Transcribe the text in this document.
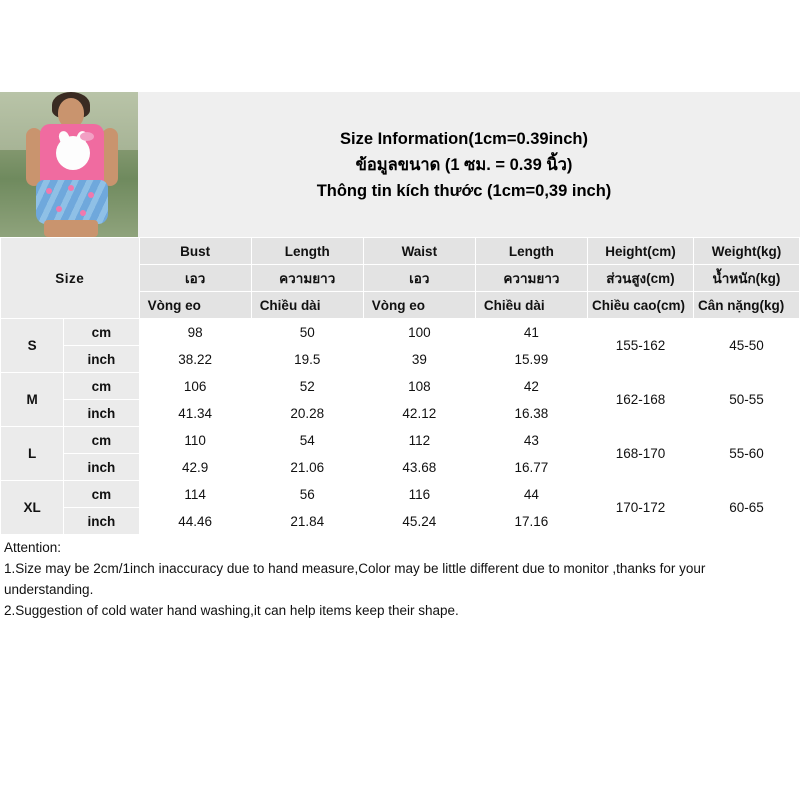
Size Information(1cm=0.39inch)
ข้อมูลขนาด (1 ซม. = 0.39 นิ้ว)
Thông tin kích thước (1cm=0,39 inch)
Size		Bust	Length	Waist	Length	Height(cm)	Weight(kg)
		เอว	ความยาว	เอว	ความยาว	ส่วนสูง(cm)	น้ำหนัก(kg)
		Vòng eo	Chiều dài	Vòng eo	Chiều dài	Chiều cao(cm)	Cân nặng(kg)
S	cm	98	50	100	41	155-162	45-50
	inch	38.22	19.5	39	15.99		
M	cm	106	52	108	42	162-168	50-55
	inch	41.34	20.28	42.12	16.38		
L	cm	110	54	112	43	168-170	55-60
	inch	42.9	21.06	43.68	16.77		
XL	cm	114	56	116	44	170-172	60-65
	inch	44.46	21.84	45.24	17.16		

Attention:

1.Size may be 2cm/1inch inaccuracy due to hand measure,Color may be little different due to monitor ,thanks for your

understanding.

2.Suggestion of cold water hand washing,it can help items keep their shape.
